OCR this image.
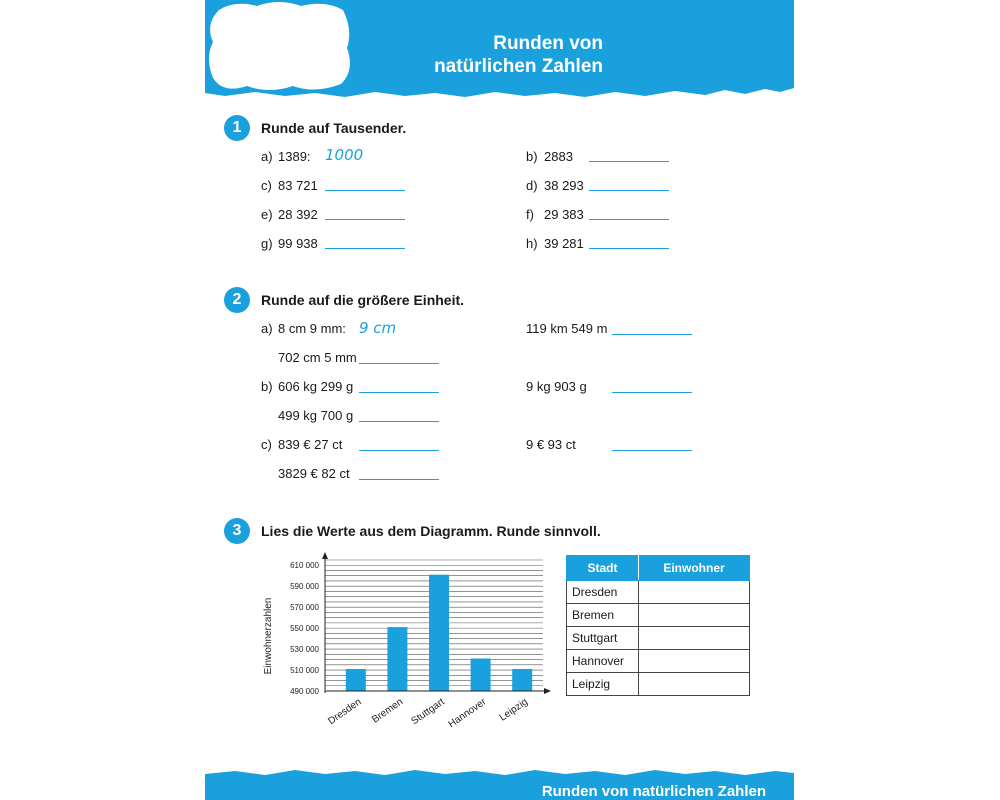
Runden von
natürlichen Zahlen TESTE
DICH!
1	Runde auf Tausender.
a) 1389: 1000	b) 2883
c) 83 721	d) 38 293
e) 28 392	f) 29 383
g) 99 938	h) 39 281
2	Runde auf die größere Einheit.
a) 8 cm 9 mm: 9 cm	119 km 549 m
702 cm 5 mm
b) 606 kg 299 g	9 kg 903 g
499 kg 700 g
c) 839 € 27 ct	9 € 93 ct
3829 € 82 ct
3	Lies die Werte aus dem Diagramm. Runde sinnvoll.
490 000
510 000
530 000
550 000
570 000
590 000
610 000
Dresden Bremen Stuttgart Hannover Leipzig
Einwohnerzahlen
Stadt	Einwohner
Dresden	
Bremen	
Stuttgart	
Hannover	
Leipzig	
Runden von natürlichen Zahlen
